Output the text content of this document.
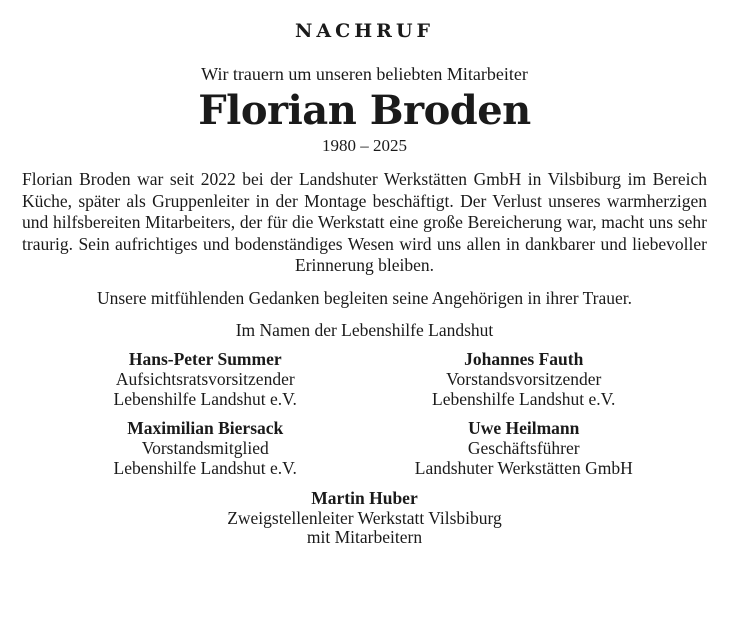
NACHRUF
Wir trauern um unseren beliebten Mitarbeiter
Florian Broden
1980 – 2025
Florian Broden war seit 2022 bei der Landshuter Werkstätten GmbH in Vilsbiburg im Bereich Küche, später als Gruppenleiter in der Montage beschäftigt. Der Verlust unseres warmherzigen und hilfsbereiten Mitarbeiters, der für die Werkstatt eine große Bereicherung war, macht uns sehr traurig. Sein aufrichtiges und bodenständiges Wesen wird uns allen in dankbarer und liebevoller Erinnerung bleiben.
Unsere mitfühlenden Gedanken begleiten seine Angehörigen in ihrer Trauer.
Im Namen der Lebenshilfe Landshut
Hans-Peter Summer
Aufsichtsratsvorsitzender
Lebenshilfe Landshut e.V.
Johannes Fauth
Vorstandsvorsitzender
Lebenshilfe Landshut e.V.
Maximilian Biersack
Vorstandsmitglied
Lebenshilfe Landshut e.V.
Uwe Heilmann
Geschäftsführer
Landshuter Werkstätten GmbH
Martin Huber
Zweigstellenleiter Werkstatt Vilsbiburg
mit Mitarbeitern
